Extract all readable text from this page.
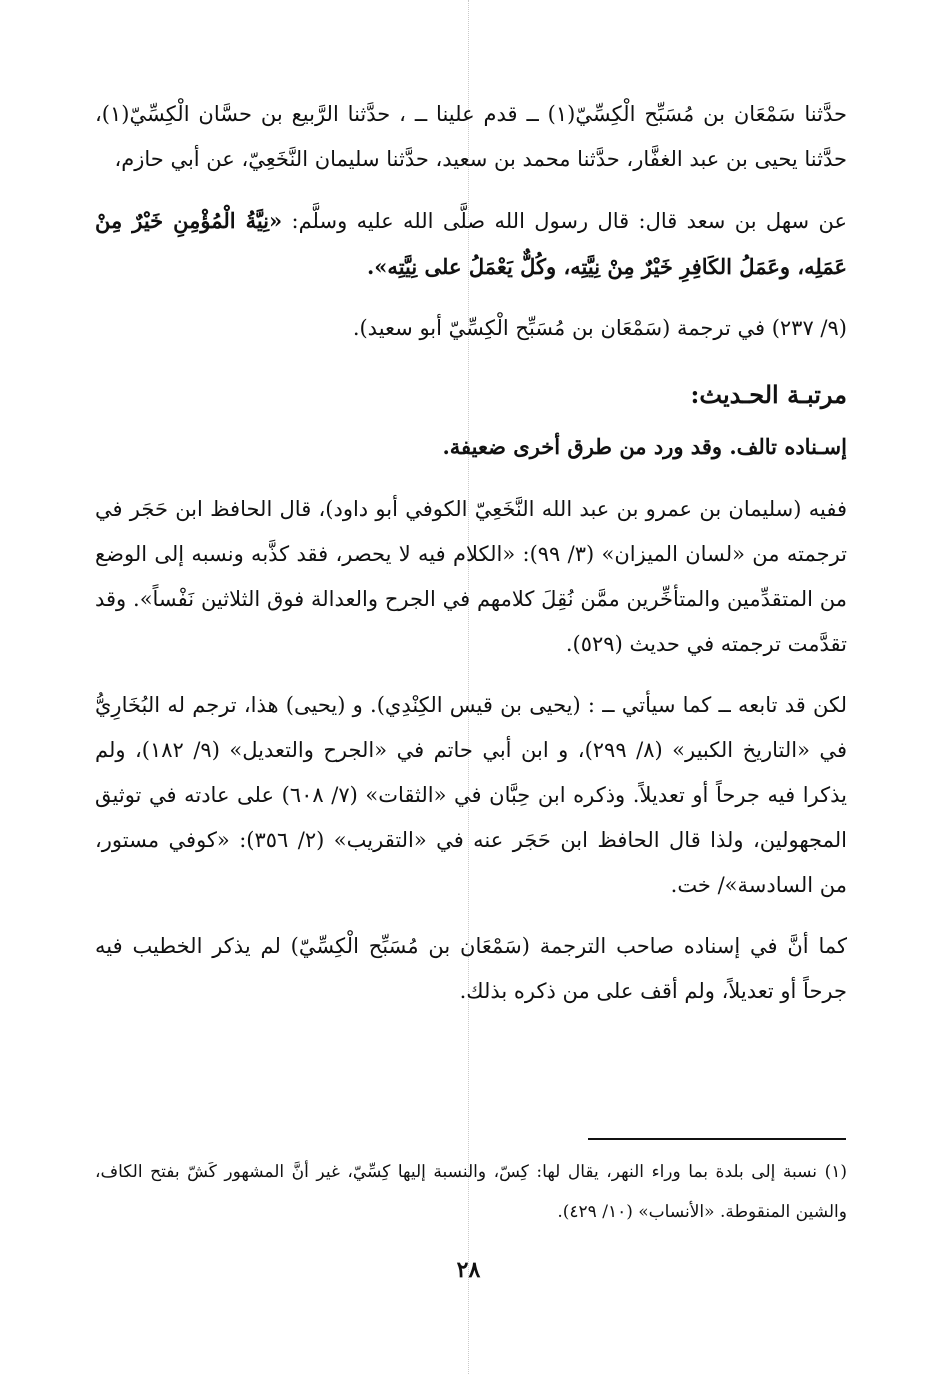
حدَّثنا سَمْعَان بن مُسَبِّح الْكِسِّيّ(١) ــ قدم علينا ــ ، حدَّثنا الرَّبيع بن حسَّان الْكِسِّيّ(١)، حدَّثنا يحيى بن عبد الغفَّار، حدَّثنا محمد بن سعيد، حدَّثنا سليمان النَّخَعِيّ، عن أبي حازم،

عن سهل بن سعد قال: قال رسول الله صلَّى الله عليه وسلَّم: «نِيَّةُ الْمُؤْمِنِ خَيْرٌ مِنْ عَمَلِه، وعَمَلُ الكَافِرِ خَيْرٌ مِنْ نِيَّتِه، وكُلٌّ يَعْمَلُ على نِيَّتِه».

(٩/ ٢٣٧) في ترجمة (سَمْعَان بن مُسَبِّح الْكِسِّيّ أبو سعيد).

مرتبـة الحـديث:
إسـناده تالف. وقد ورد من طرق أخرى ضعيفة.

ففيه (سليمان بن عمرو بن عبد الله النَّخَعِيّ الكوفي أبو داود)، قال الحافظ ابن حَجَر في ترجمته من «لسان الميزان» (٣/ ٩٩): «الكلام فيه لا يحصر، فقد كذَّبه ونسبه إلى الوضع من المتقدِّمين والمتأخِّرين ممَّن نُقِلَ كلامهم في الجرح والعدالة فوق الثلاثين نَفْساً». وقد تقدَّمت ترجمته في حديث (٥٢٩).

لكن قد تابعه ــ كما سيأتي ــ : (يحيى بن قيس الكِنْدِي). و (يحيى) هذا، ترجم له البُخَارِيُّ في «التاريخ الكبير» (٨/ ٢٩٩)، و ابن أبي حاتم في «الجرح والتعديل» (٩/ ١٨٢)، ولم يذكرا فيه جرحاً أو تعديلاً. وذكره ابن حِبَّان في «الثقات» (٧/ ٦٠٨) على عادته في توثيق المجهولين، ولذا قال الحافظ ابن حَجَر عنه في «التقريب» (٢/ ٣٥٦): «كوفي مستور، من السادسة»/ خت.

كما أنَّ في إسناده صاحب الترجمة (سَمْعَان بن مُسَبِّح الْكِسِّيّ) لم يذكر الخطيب فيه جرحاً أو تعديلاً، ولم أقف على من ذكره بذلك.

(١) نسبة إلى بلدة بما وراء النهر، يقال لها: كِسّ، والنسبة إليها كِسِّيّ، غير أنَّ المشهور كَشّ بفتح الكاف، والشين المنقوطة. «الأنساب» (١٠/ ٤٢٩).
٢٨
